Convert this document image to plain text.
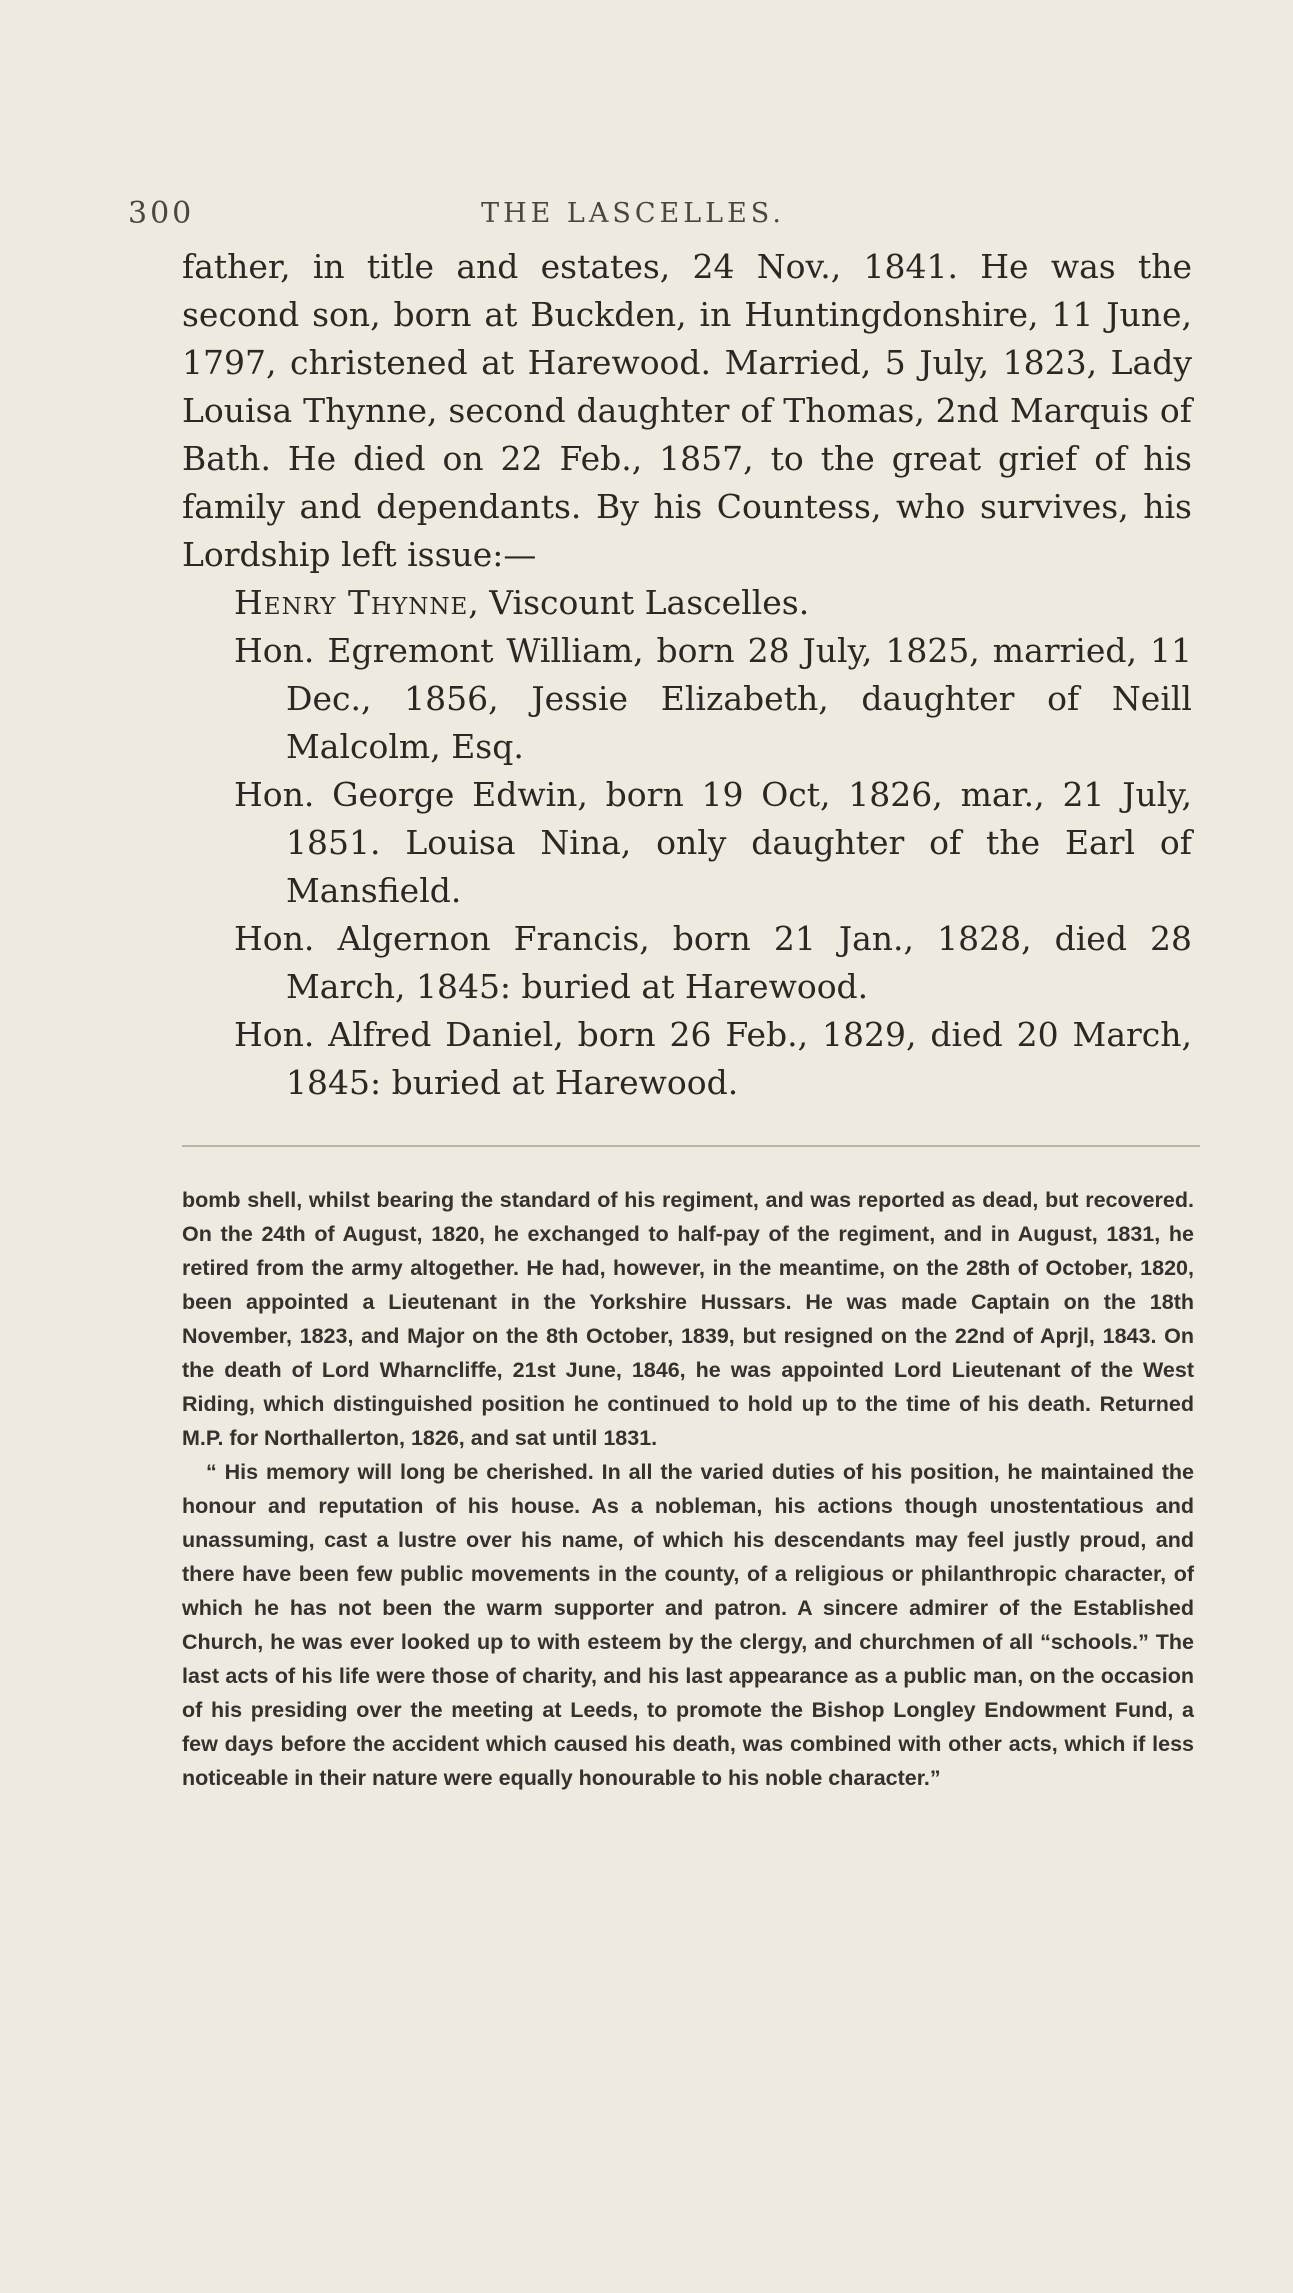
300	THE LASCELLES.

father, in title and estates, 24 Nov., 1841. He was the second son, born at Buckden, in Huntingdonshire, 11 June, 1797, christened at Harewood. Married, 5 July, 1823, Lady Louisa Thynne, second daughter of Thomas, 2nd Marquis of Bath. He died on 22 Feb., 1857, to the great grief of his family and dependants. By his Countess, who survives, his Lordship left issue:—

Henry Thynne, Viscount Lascelles.

Hon. Egremont William, born 28 July, 1825, married, 11 Dec., 1856, Jessie Elizabeth, daughter of Neill Malcolm, Esq.

Hon. George Edwin, born 19 Oct, 1826, mar., 21 July, 1851. Louisa Nina, only daughter of the Earl of Mansfield.

Hon. Algernon Francis, born 21 Jan., 1828, died 28 March, 1845: buried at Harewood.

Hon. Alfred Daniel, born 26 Feb., 1829, died 20 March, 1845: buried at Harewood.

bomb shell, whilst bearing the standard of his regiment, and was reported as dead, but recovered. On the 24th of August, 1820, he exchanged to half-pay of the regiment, and in August, 1831, he retired from the army altogether. He had, however, in the meantime, on the 28th of October, 1820, been appointed a Lieutenant in the Yorkshire Hussars. He was made Captain on the 18th November, 1823, and Major on the 8th October, 1839, but resigned on the 22nd of Aprjl, 1843. On the death of Lord Wharncliffe, 21st June, 1846, he was appointed Lord Lieutenant of the West Riding, which distinguished position he continued to hold up to the time of his death. Returned M.P. for Northallerton, 1826, and sat until 1831.

“ His memory will long be cherished. In all the varied duties of his position, he maintained the honour and reputation of his house. As a nobleman, his actions though unostentatious and unassuming, cast a lustre over his name, of which his descendants may feel justly proud, and there have been few public movements in the county, of a religious or philanthropic character, of which he has not been the warm supporter and patron. A sincere admirer of the Established Church, he was ever looked up to with esteem by the clergy, and churchmen of all “schools.” The last acts of his life were those of charity, and his last appearance as a public man, on the occasion of his presiding over the meeting at Leeds, to promote the Bishop Longley Endowment Fund, a few days before the accident which caused his death, was combined with other acts, which if less noticeable in their nature were equally honourable to his noble character.”
